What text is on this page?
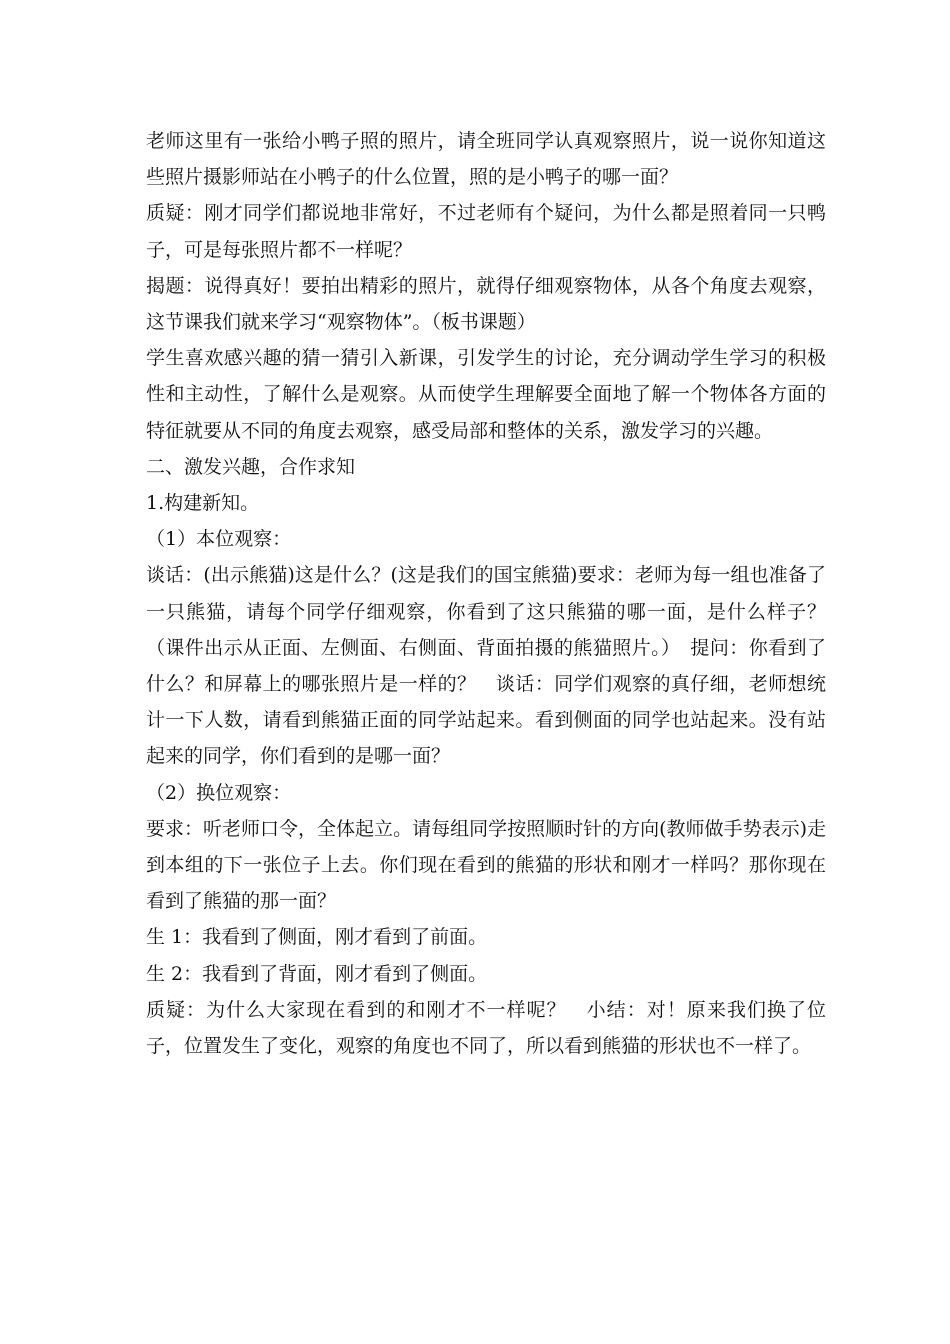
老师这里有一张给小鸭子照的照片，请全班同学认真观察照片，说一说你知道这些照片摄影师站在小鸭子的什么位置，照的是小鸭子的哪一面？

质疑：刚才同学们都说地非常好，不过老师有个疑问，为什么都是照着同一只鸭子，可是每张照片都不一样呢？

揭题：说得真好！要拍出精彩的照片，就得仔细观察物体，从各个角度去观察，这节课我们就来学习“观察物体”。（板书课题）

学生喜欢感兴趣的猜一猜引入新课，引发学生的讨论，充分调动学生学习的积极性和主动性，了解什么是观察。从而使学生理解要全面地了解一个物体各方面的特征就要从不同的角度去观察，感受局部和整体的关系，激发学习的兴趣。

二、激发兴趣，合作求知

1.构建新知。

（1）本位观察：

谈话：(出示熊猫)这是什么？(这是我们的国宝熊猫)要求：老师为每一组也准备了一只熊猫，请每个同学仔细观察，你看到了这只熊猫的哪一面，是什么样子？（课件出示从正面、左侧面、右侧面、背面拍摄的熊猫照片。）　提问：你看到了什么？和屏幕上的哪张照片是一样的？　谈话：同学们观察的真仔细，老师想统计一下人数，请看到熊猫正面的同学站起来。看到侧面的同学也站起来。没有站起来的同学，你们看到的是哪一面？

（2）换位观察：

要求：听老师口令，全体起立。请每组同学按照顺时针的方向(教师做手势表示)走到本组的下一张位子上去。你们现在看到的熊猫的形状和刚才一样吗？那你现在看到了熊猫的那一面？

生 1：我看到了侧面，刚才看到了前面。

生 2：我看到了背面，刚才看到了侧面。

质疑：为什么大家现在看到的和刚才不一样呢？　小结：对！原来我们换了位子，位置发生了变化，观察的角度也不同了，所以看到熊猫的形状也不一样了。
